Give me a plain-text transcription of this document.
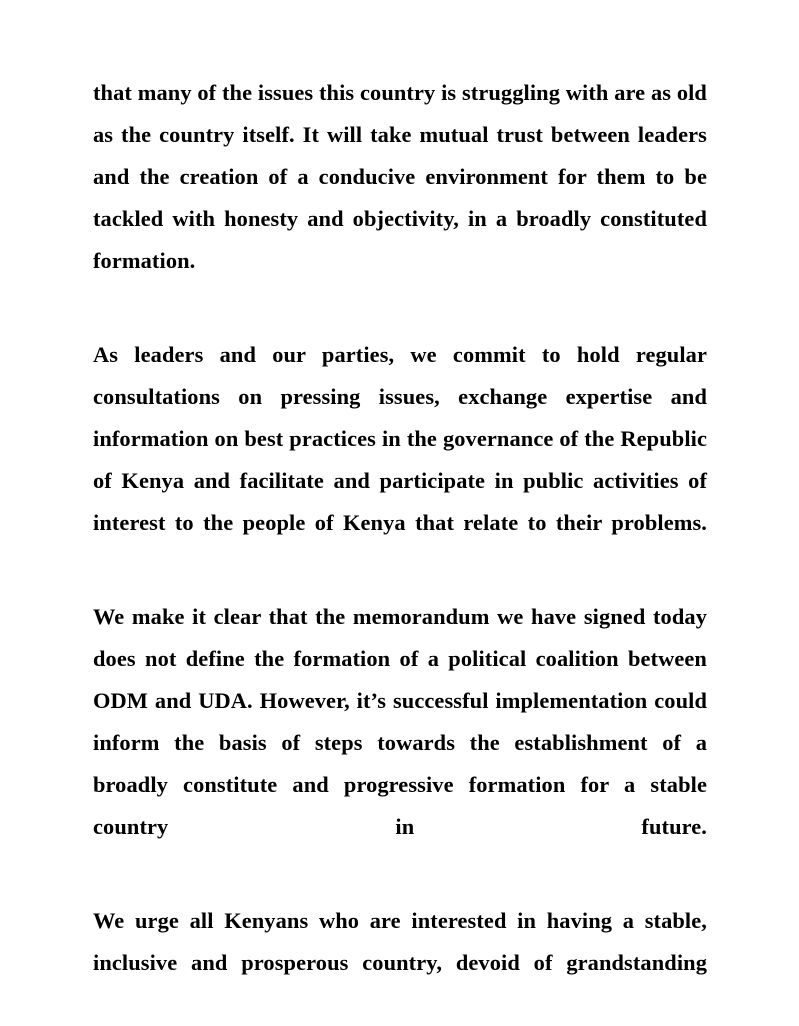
that many of the issues this country is struggling with are as old as the country itself. It will take mutual trust between leaders and the creation of a conducive environment for them to be tackled with honesty and objectivity, in a broadly constituted formation.

As leaders and our parties, we commit to hold regular consultations on pressing issues, exchange expertise and information on best practices in the governance of the Republic of Kenya and facilitate and participate in public activities of interest to the people of Kenya that relate to their problems.

We make it clear that the memorandum we have signed today does not define the formation of a political coalition between ODM and UDA. However, it’s successful implementation could inform the basis of steps towards the establishment of a broadly constitute and progressive formation for a stable country in future.

We urge all Kenyans who are interested in having a stable, inclusive and prosperous country, devoid of grandstanding
